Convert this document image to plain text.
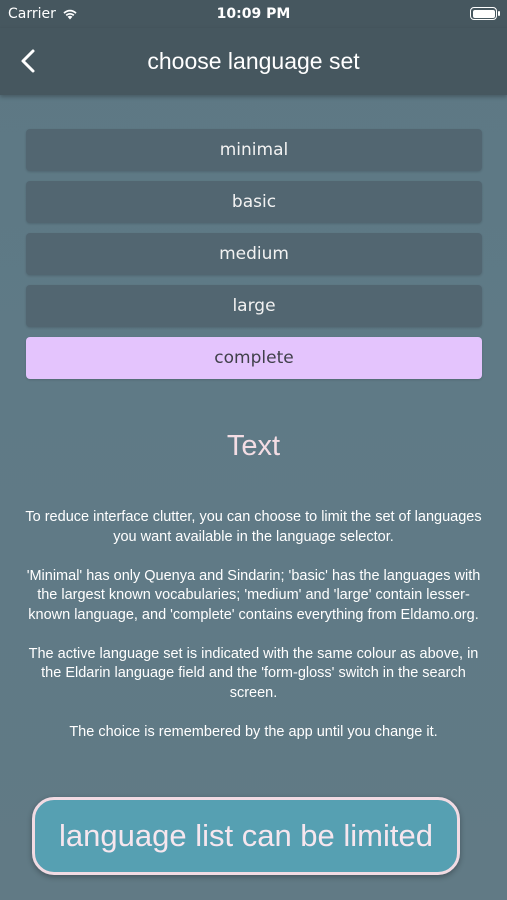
Carrier	10:09 PM
choose language set
minimal
basic
medium
large
complete
Text

To reduce interface clutter, you can choose to limit the set of languages you want available in the language selector.

'Minimal' has only Quenya and Sindarin; 'basic' has the languages with the largest known vocabularies; 'medium' and 'large' contain lesser-known language, and 'complete' contains everything from Eldamo.org.

The active language set is indicated with the same colour as above, in the Eldarin language field and the 'form-gloss' switch in the search screen.

The choice is remembered by the app until you change it.

language list can be limited
